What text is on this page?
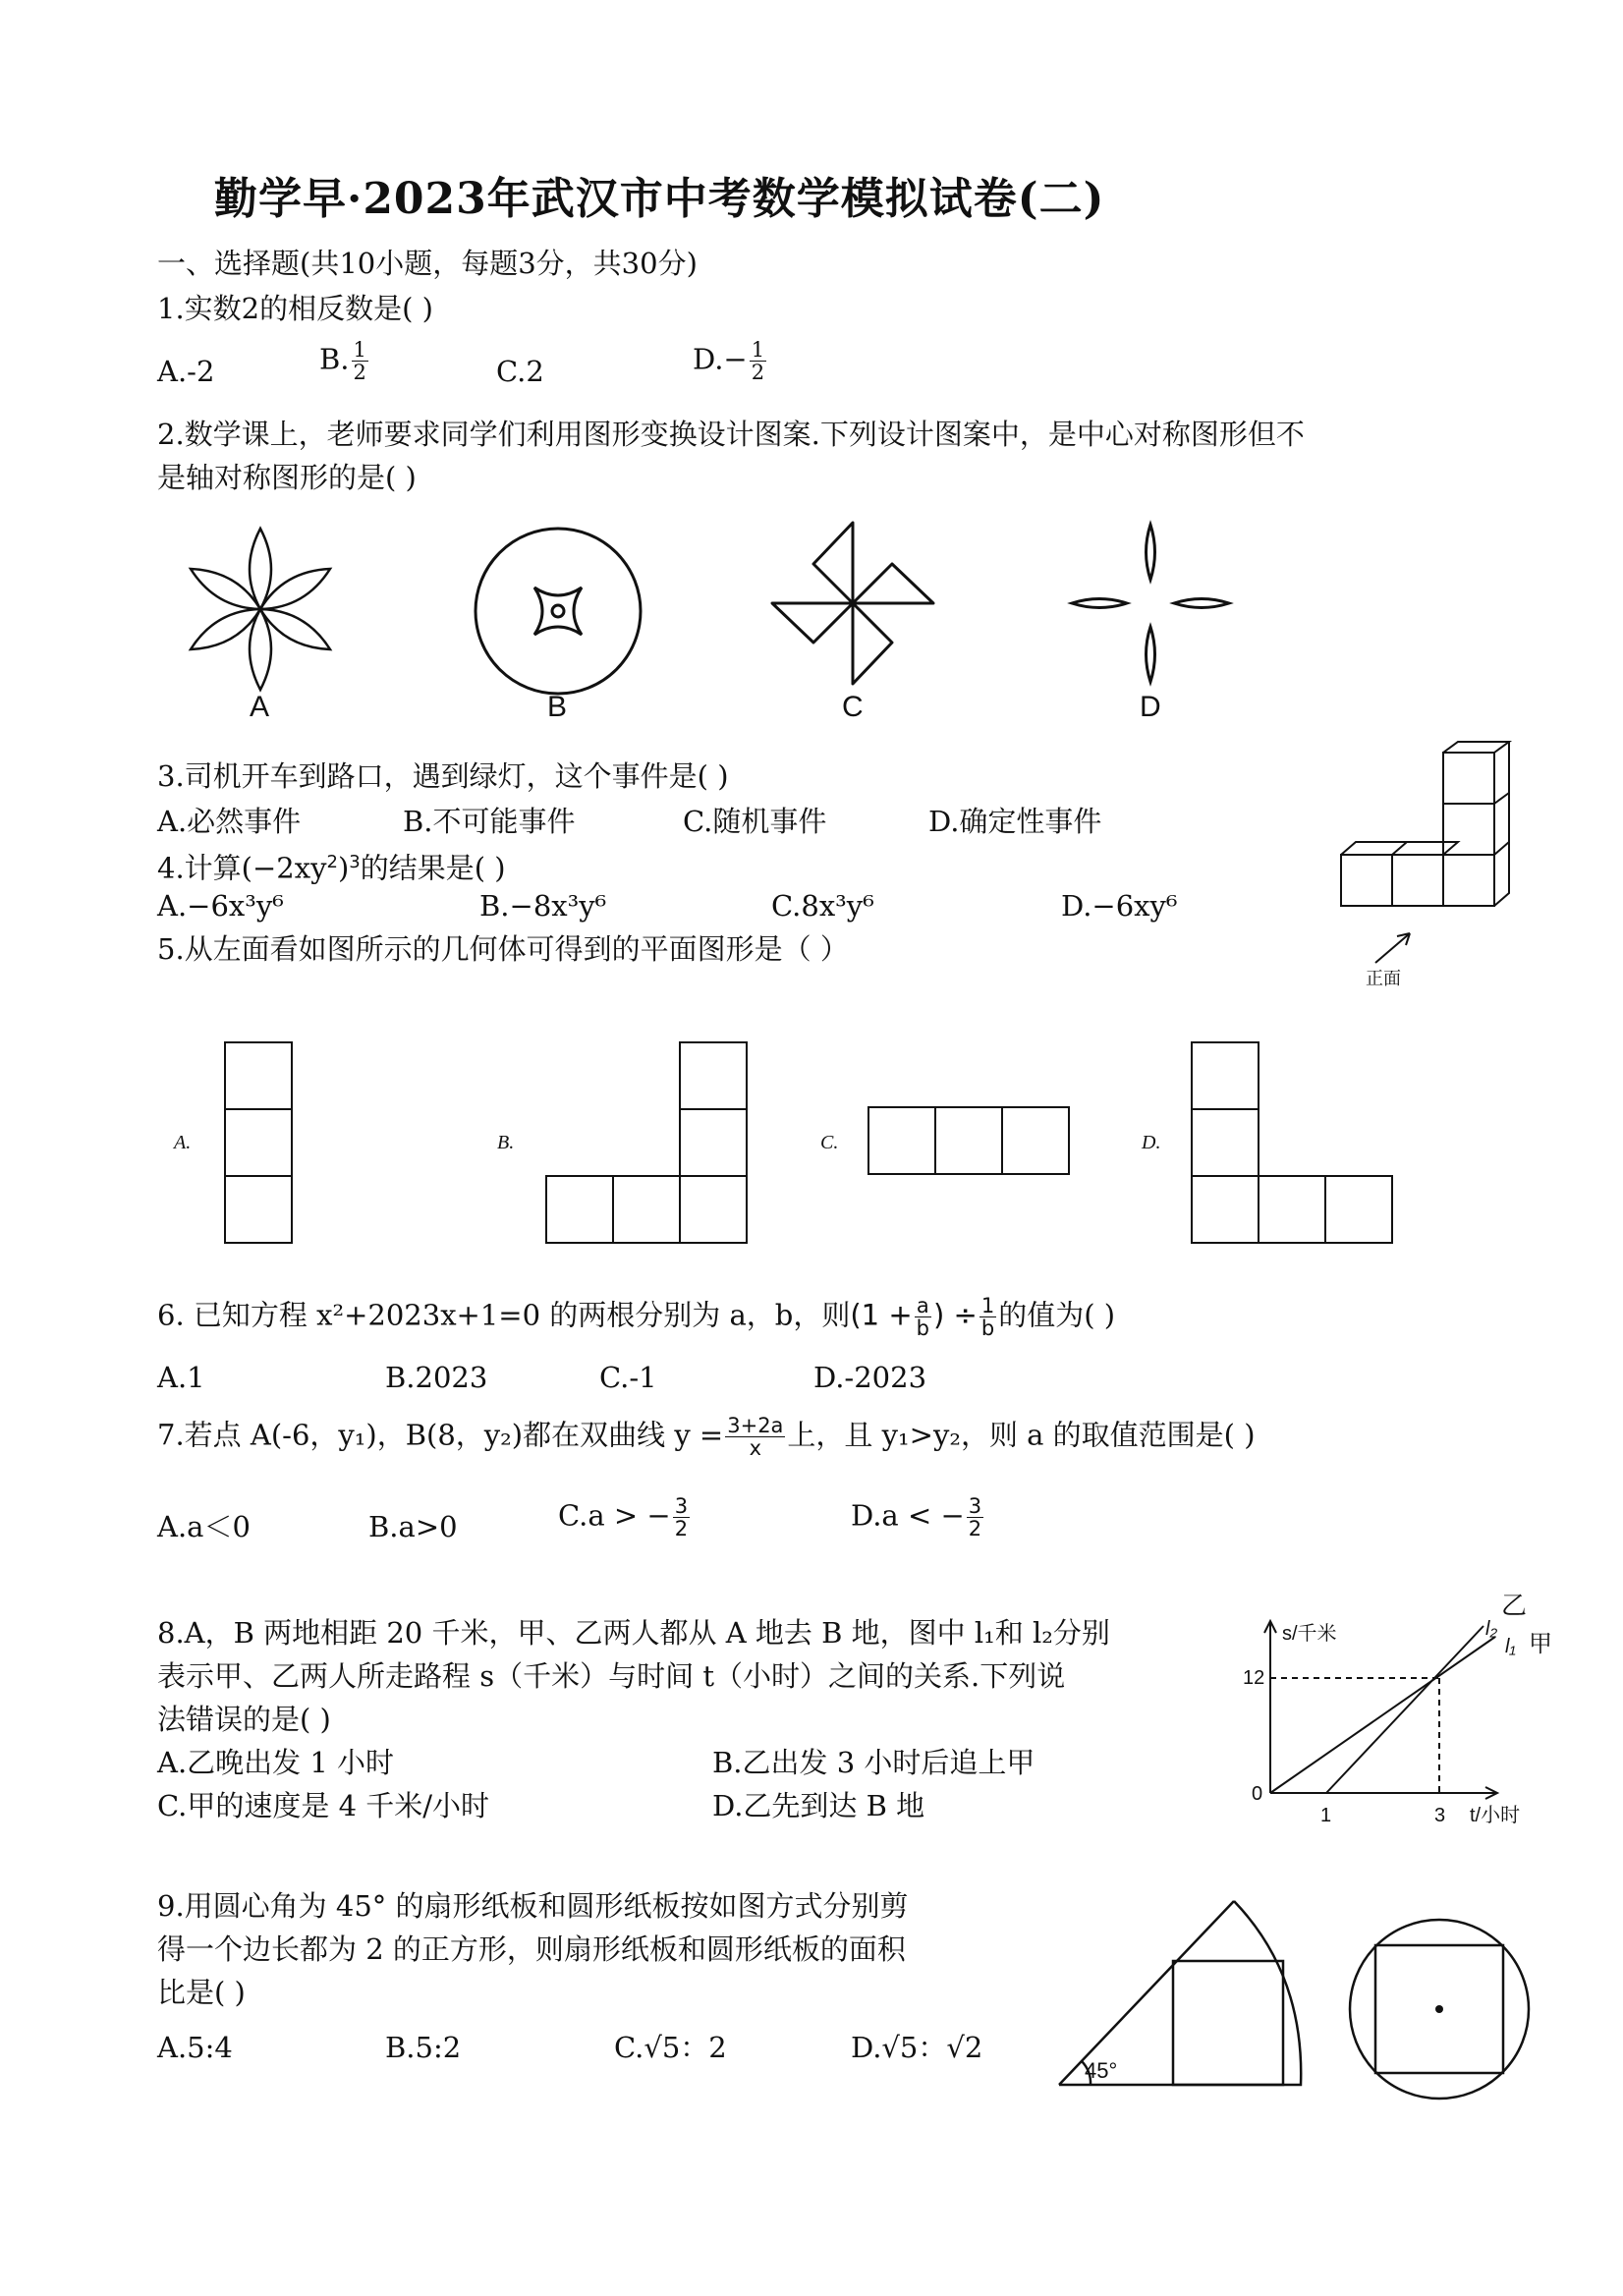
勤学早·2023年武汉市中考数学模拟试卷(二)
一、选择题(共10小题，每题3分，共30分)
1.实数2的相反数是( )
A.-2	B. $\frac{1}{2}$	C.2	$D.- \frac{1}{2}$
2.数学课上，老师要求同学们利用图形变换设计图案.下列设计图案中，是中心对称图形但不
是轴对称图形的是( )
A	B	C	D
3.司机开车到路口，遇到绿灯，这个事件是( )
A.必然事件	B.不可能事件	C.随机事件	D.确定性事件
4.计算$(-2xy^2)^3$的结果是( )
A.−6x³y⁶	B.−8x³y⁶	C.8x³y⁶	D.−6xy⁶
5.从左面看如图所示的几何体可得到的平面图形是（ ）
正面
A.	B.	C.	D.
6. 已知方程 x²+2023x+1=0 的两根分别为 a，b，则($1 + \frac{a}{b}$ ) ÷ $\frac{1}{b}$ 的值为( )
A.1	B.2023	C.-1	D.-2023
7.若点 A(-6，y₁)，B(8，y₂)都在双曲线 $y = \frac{3+2a}{x}$ 上，且 y₁>y₂，则 a 的取值范围是( )
A.a＜0	B.a>0	C.a > − $\frac{3}{2}$	D.a < − $\frac{3}{2}$
8.A，B 两地相距 20 千米，甲、乙两人都从 A 地去 B 地，图中 l₁和 l₂分别
表示甲、乙两人所走路程 s（千米）与时间 t（小时）之间的关系.下列说
法错误的是( )
A.乙晚出发 1 小时	B.乙出发 3 小时后追上甲
C.甲的速度是 4 千米/小时	D.乙先到达 B 地
s/千米
t/小时
0
1	3
12
l₂
l₁
乙
甲
9.用圆心角为 45° 的扇形纸板和圆形纸板按如图方式分别剪
得一个边长都为 2 的正方形，则扇形纸板和圆形纸板的面积
比是( )
A.5:4	B.5:2	C.√5：2	D.√5：√2
45°
